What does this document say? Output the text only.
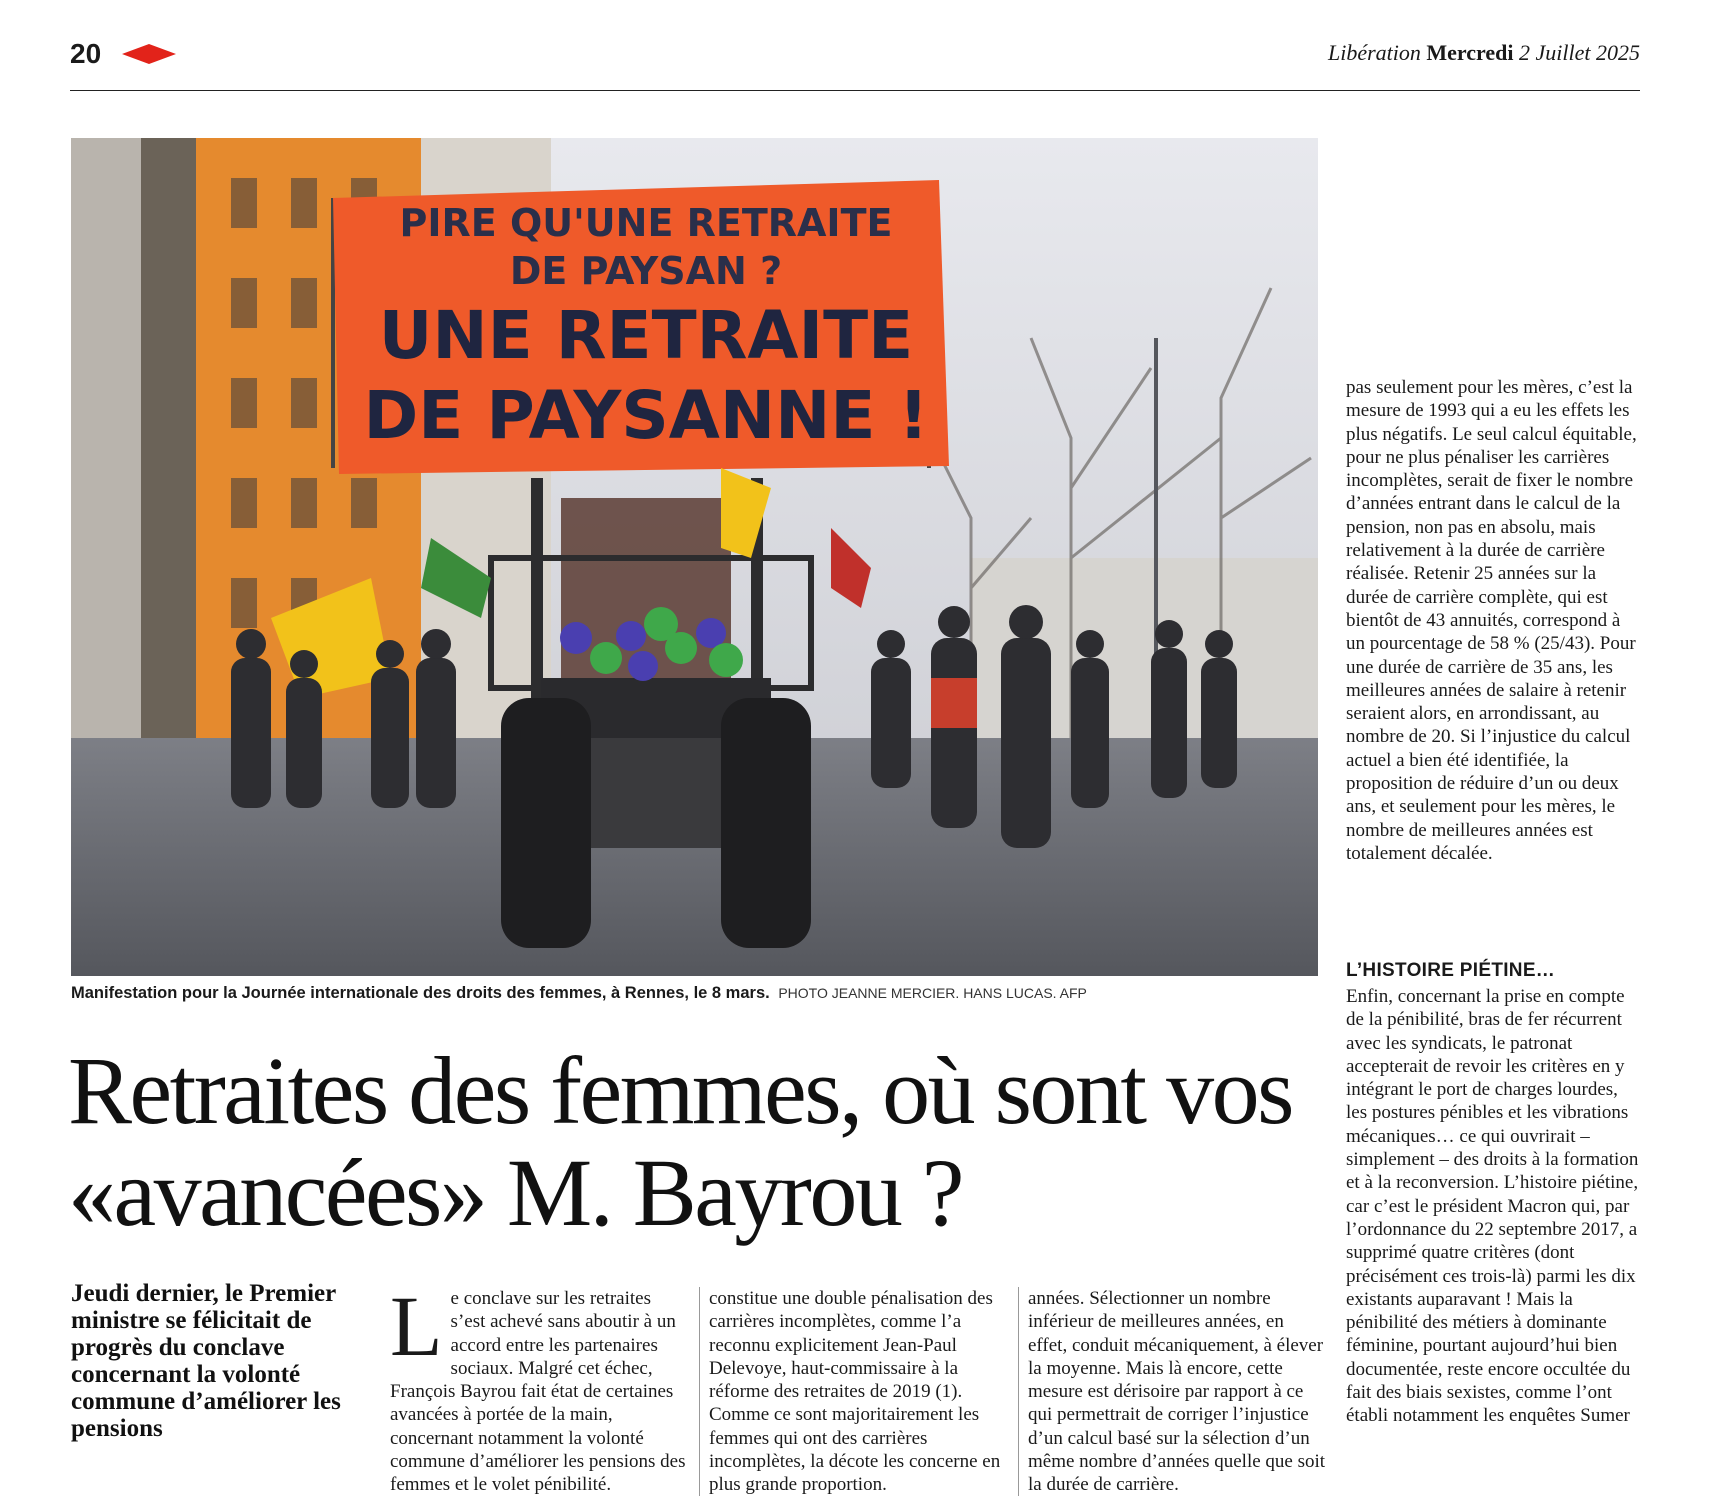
20	Libération Mercredi 2 Juillet 2025
PIRE QU'UNE RETRAITE
DE PAYSAN ?
UNE RETRAITE
DE PAYSANNE !
Manifestation pour la Journée internationale des droits des femmes, à Rennes, le 8 mars. PHOTO JEANNE MERCIER. HANS LUCAS. AFP
Retraites des femmes, où sont vos «avancées» M. Bayrou ?

Jeudi dernier, le Premier ministre se félicitait de progrès du conclave concernant la volonté commune d’améliorer les pensions

Le conclave sur les retraites s’est achevé sans aboutir à un accord entre les partenaires sociaux. Malgré cet échec, François Bayrou fait état de certaines avancées à portée de la main, concernant notamment la volonté commune d’améliorer les pensions des femmes et le volet pénibilité.
constitue une double pénalisation des carrières incomplètes, comme l’a reconnu explicitement Jean-Paul Delevoye, haut-commissaire à la réforme des retraites de 2019 (1). Comme ce sont majoritairement les femmes qui ont des carrières incomplètes, la décote les concerne en plus grande proportion.
années. Sélectionner un nombre inférieur de meilleures années, en effet, conduit mécaniquement, à élever la moyenne. Mais là encore, cette mesure est dérisoire par rapport à ce qui permettrait de corriger l’injustice d’un calcul basé sur la sélection d’un même nombre d’années quelle que soit la durée de carrière.
pas seulement pour les mères, c’est la mesure de 1993 qui a eu les effets les plus négatifs. Le seul calcul équitable, pour ne plus pénaliser les carrières incomplètes, serait de fixer le nombre d’années entrant dans le calcul de la pension, non pas en absolu, mais relativement à la durée de carrière réalisée. Retenir 25 années sur la durée de carrière complète, qui est bientôt de 43 annuités, correspond à un pourcentage de 58 % (25/43). Pour une durée de carrière de 35 ans, les meilleures années de salaire à retenir seraient alors, en arrondissant, au nombre de 20. Si l’injustice du calcul actuel a bien été identifiée, la proposition de réduire d’un ou deux ans, et seulement pour les mères, le nombre de meilleures années est totalement décalée.
L’HISTOIRE PIÉTINE…
Enfin, concernant la prise en compte de la pénibilité, bras de fer récurrent avec les syndicats, le patronat accepterait de revoir les critères en y intégrant le port de charges lourdes, les postures pénibles et les vibrations mécaniques… ce qui ouvrirait – simplement – des droits à la formation et à la reconversion. L’histoire piétine, car c’est le président Macron qui, par l’ordonnance du 22 septembre 2017, a supprimé quatre critères (dont précisément ces trois-là) parmi les dix existants auparavant ! Mais la pénibilité des métiers à dominante féminine, pourtant aujourd’hui bien documentée, reste encore occultée du fait des biais sexistes, comme l’ont établi notamment les enquêtes Sumer
